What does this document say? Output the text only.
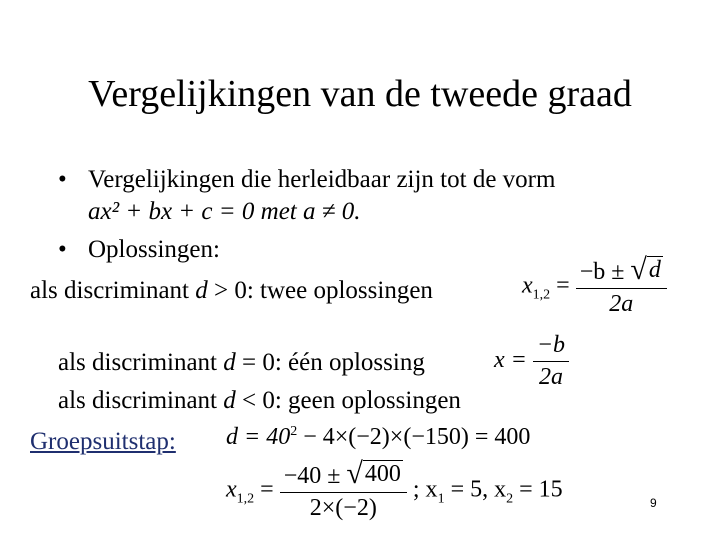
Vergelijkingen van de tweede graad
• Vergelijkingen die herleidbaar zijn tot de vorm
ax² + bx + c = 0 met a ≠ 0.
• Oplossingen:
als discriminant d > 0: twee oplossingen	$x_{1,2} = \frac{-b \pm √ d}{2a}$
als discriminant d = 0: één oplossing	$x = \frac{-b}{2a}$
als discriminant d < 0: geen oplossingen
Groepsuitstap: $d = 40^2 - 4\times(-2)\times(-150) = 400$
$x_{1,2} = \frac{-40 \pm √ 400}{2\times(-2)}$ ; $x_1 = 5$, $x_2 = 15$
9
